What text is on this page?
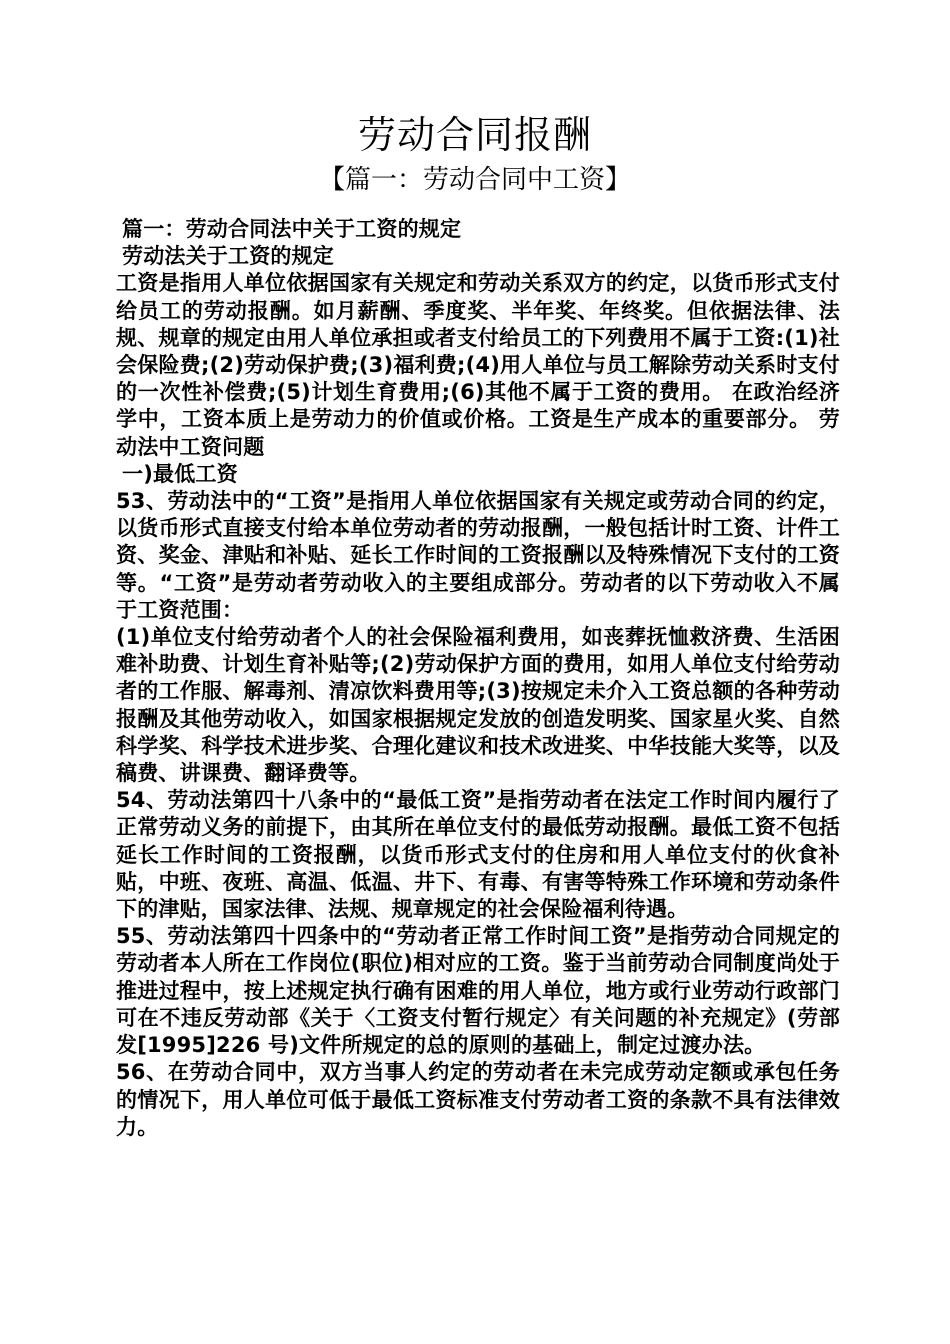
劳动合同报酬
【篇一：劳动合同中工资】

篇一：劳动合同法中关于工资的规定

劳动法关于工资的规定

工资是指用人单位依据国家有关规定和劳动关系双方的约定，以货币形式支付给员工的劳动报酬。如月薪酬、季度奖、半年奖、年终奖。但依据法律、法规、规章的规定由用人单位承担或者支付给员工的下列费用不属于工资:(1)社会保险费;(2)劳动保护费;(3)福利费;(4)用人单位与员工解除劳动关系时支付的一次性补偿费;(5)计划生育费用;(6)其他不属于工资的费用。 在政治经济学中，工资本质上是劳动力的价值或价格。工资是生产成本的重要部分。 劳动法中工资问题

一)最低工资

53、劳动法中的“工资”是指用人单位依据国家有关规定或劳动合同的约定，以货币形式直接支付给本单位劳动者的劳动报酬，一般包括计时工资、计件工资、奖金、津贴和补贴、延长工作时间的工资报酬以及特殊情况下支付的工资等。“工资”是劳动者劳动收入的主要组成部分。劳动者的以下劳动收入不属于工资范围：

(1)单位支付给劳动者个人的社会保险福利费用，如丧葬抚恤救济费、生活困难补助费、计划生育补贴等;(2)劳动保护方面的费用，如用人单位支付给劳动者的工作服、解毒剂、清凉饮料费用等;(3)按规定未介入工资总额的各种劳动报酬及其他劳动收入，如国家根据规定发放的创造发明奖、国家星火奖、自然科学奖、科学技术进步奖、合理化建议和技术改进奖、中华技能大奖等，以及稿费、讲课费、翻译费等。

54、劳动法第四十八条中的“最低工资”是指劳动者在法定工作时间内履行了正常劳动义务的前提下，由其所在单位支付的最低劳动报酬。最低工资不包括延长工作时间的工资报酬，以货币形式支付的住房和用人单位支付的伙食补贴，中班、夜班、高温、低温、井下、有毒、有害等特殊工作环境和劳动条件下的津贴，国家法律、法规、规章规定的社会保险福利待遇。

55、劳动法第四十四条中的“劳动者正常工作时间工资”是指劳动合同规定的劳动者本人所在工作岗位(职位)相对应的工资。鉴于当前劳动合同制度尚处于推进过程中，按上述规定执行确有困难的用人单位，地方或行业劳动行政部门可在不违反劳动部《关于〈工资支付暂行规定〉有关问题的补充规定》(劳部发[1995]226 号)文件所规定的总的原则的基础上，制定过渡办法。

56、在劳动合同中，双方当事人约定的劳动者在未完成劳动定额或承包任务的情况下，用人单位可低于最低工资标准支付劳动者工资的条款不具有法律效力。
